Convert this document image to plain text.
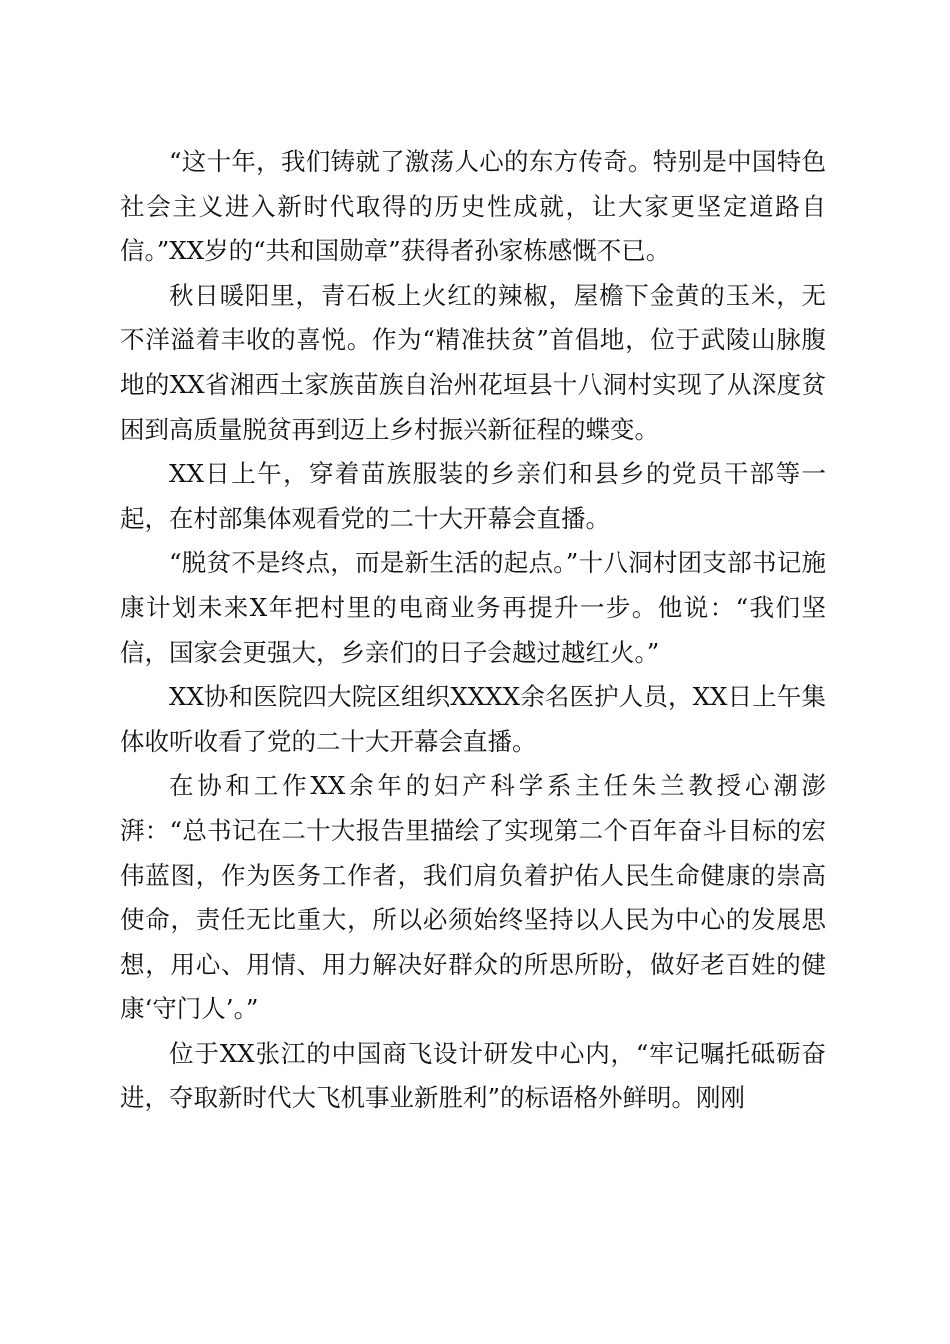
“这十年，我们铸就了激荡人心的东方传奇。特别是中国特色社会主义进入新时代取得的历史性成就，让大家更坚定道路自信。”XX岁的“共和国勋章”获得者孙家栋感慨不已。

秋日暖阳里，青石板上火红的辣椒，屋檐下金黄的玉米，无不洋溢着丰收的喜悦。作为“精准扶贫”首倡地，位于武陵山脉腹地的XX省湘西土家族苗族自治州花垣县十八洞村实现了从深度贫困到高质量脱贫再到迈上乡村振兴新征程的蝶变。

XX日上午，穿着苗族服装的乡亲们和县乡的党员干部等一起，在村部集体观看党的二十大开幕会直播。

“脱贫不是终点，而是新生活的起点。”十八洞村团支部书记施康计划未来X年把村里的电商业务再提升一步。他说：“我们坚信，国家会更强大，乡亲们的日子会越过越红火。”

XX协和医院四大院区组织XXXX余名医护人员，XX日上午集体收听收看了党的二十大开幕会直播。

在协和工作XX余年的妇产科学系主任朱兰教授心潮澎湃：“总书记在二十大报告里描绘了实现第二个百年奋斗目标的宏伟蓝图，作为医务工作者，我们肩负着护佑人民生命健康的崇高使命，责任无比重大，所以必须始终坚持以人民为中心的发展思想，用心、用情、用力解决好群众的所思所盼，做好老百姓的健康‘守门人’。”

位于XX张江的中国商飞设计研发中心内，“牢记嘱托砥砺奋进，夺取新时代大飞机事业新胜利”的标语格外鲜明。刚刚
